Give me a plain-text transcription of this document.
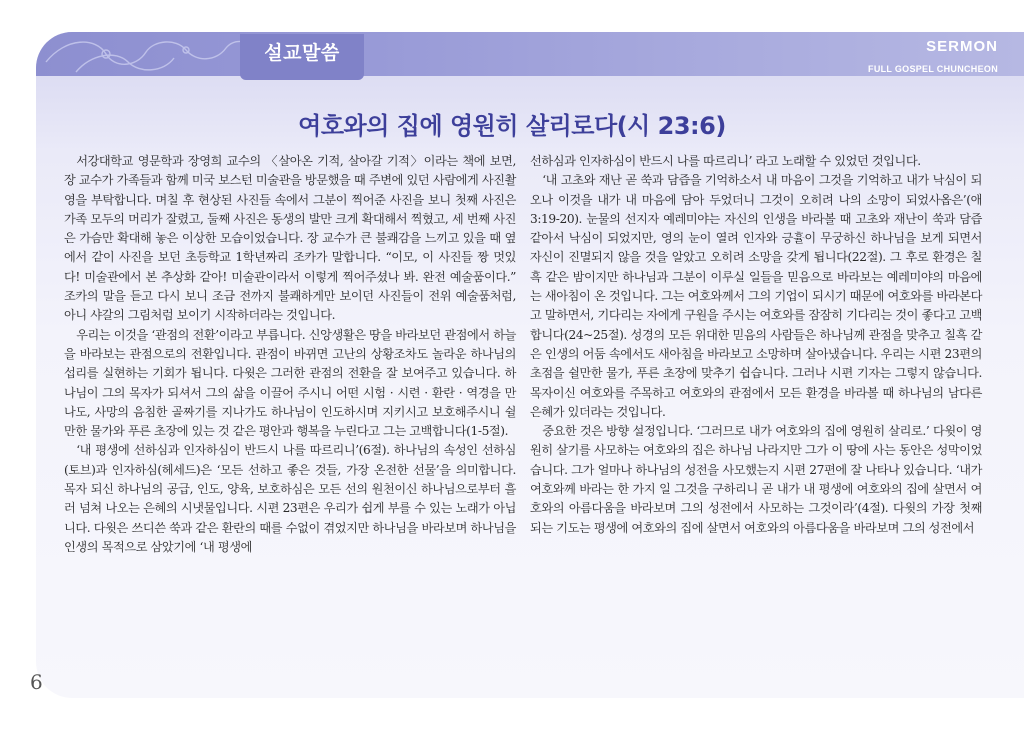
설교말씀	SERMON
FULL GOSPEL CHUNCHEON
여호와의 집에 영원히 살리로다(시 23:6)

서강대학교 영문학과 장영희 교수의 〈살아온 기적, 살아갈 기적〉이라는 책에 보면, 장 교수가 가족들과 함께 미국 보스턴 미술관을 방문했을 때 주변에 있던 사람에게 사진촬영을 부탁합니다. 며칠 후 현상된 사진들 속에서 그분이 찍어준 사진을 보니 첫째 사진은 가족 모두의 머리가 잘렸고, 둘째 사진은 동생의 발만 크게 확대해서 찍혔고, 세 번째 사진은 가슴만 확대해 놓은 이상한 모습이었습니다. 장 교수가 큰 불쾌감을 느끼고 있을 때 옆에서 같이 사진을 보던 초등학교 1학년짜리 조카가 말합니다. “이모, 이 사진들 짱 멋있다! 미술관에서 본 추상화 같아! 미술관이라서 이렇게 찍어주셨나 봐. 완전 예술품이다.” 조카의 말을 듣고 다시 보니 조금 전까지 불쾌하게만 보이던 사진들이 전위 예술품처럼, 아니 샤갈의 그림처럼 보이기 시작하더라는 것입니다.

우리는 이것을 ‘관점의 전환’이라고 부릅니다. 신앙생활은 땅을 바라보던 관점에서 하늘을 바라보는 관점으로의 전환입니다. 관점이 바뀌면 고난의 상황조차도 놀라운 하나님의 섭리를 실현하는 기회가 됩니다. 다윗은 그러한 관점의 전환을 잘 보여주고 있습니다. 하나님이 그의 목자가 되셔서 그의 삶을 이끌어 주시니 어떤 시험 · 시련 · 환란 · 역경을 만나도, 사망의 음침한 골짜기를 지나가도 하나님이 인도하시며 지키시고 보호해주시니 쉴만한 물가와 푸른 초장에 있는 것 같은 평안과 행복을 누린다고 그는 고백합니다(1-5절).

‘내 평생에 선하심과 인자하심이 반드시 나를 따르리니’(6절). 하나님의 속성인 선하심(토브)과 인자하심(헤세드)은 ‘모든 선하고 좋은 것들, 가장 온전한 선물’을 의미합니다. 목자 되신 하나님의 공급, 인도, 양육, 보호하심은 모든 선의 원천이신 하나님으로부터 흘러 넘쳐 나오는 은혜의 시냇물입니다. 시편 23편은 우리가 쉽게 부를 수 있는 노래가 아닙니다. 다윗은 쓰디쓴 쑥과 같은 환란의 때를 수없이 겪었지만 하나님을 바라보며 하나님을 인생의 목적으로 삼았기에 ‘내 평생에

선하심과 인자하심이 반드시 나를 따르리니’ 라고 노래할 수 있었던 것입니다.

‘내 고초와 재난 곧 쑥과 담즙을 기억하소서 내 마음이 그것을 기억하고 내가 낙심이 되오나 이것을 내가 내 마음에 담아 두었더니 그것이 오히려 나의 소망이 되었사옵은’(애 3:19-20). 눈물의 선지자 예레미야는 자신의 인생을 바라볼 때 고초와 재난이 쑥과 담즙 같아서 낙심이 되었지만, 영의 눈이 열려 인자와 긍휼이 무궁하신 하나님을 보게 되면서 자신이 진멸되지 않을 것을 알았고 오히려 소망을 갖게 됩니다(22절). 그 후로 환경은 칠흑 같은 밤이지만 하나님과 그분이 이루실 일들을 믿음으로 바라보는 예레미야의 마음에는 새아침이 온 것입니다. 그는 여호와께서 그의 기업이 되시기 때문에 여호와를 바라본다고 말하면서, 기다리는 자에게 구원을 주시는 여호와를 잠잠히 기다리는 것이 좋다고 고백합니다(24~25절). 성경의 모든 위대한 믿음의 사람들은 하나님께 관점을 맞추고 칠흑 같은 인생의 어둠 속에서도 새아침을 바라보고 소망하며 살아냈습니다. 우리는 시편 23편의 초점을 쉴만한 물가, 푸른 초장에 맞추기 쉽습니다. 그러나 시편 기자는 그렇지 않습니다. 목자이신 여호와를 주목하고 여호와의 관점에서 모든 환경을 바라볼 때 하나님의 남다른 은혜가 있더라는 것입니다.

중요한 것은 방향 설정입니다. ‘그러므로 내가 여호와의 집에 영원히 살리로.’ 다윗이 영원히 살기를 사모하는 여호와의 집은 하나님 나라지만 그가 이 땅에 사는 동안은 성막이었습니다. 그가 얼마나 하나님의 성전을 사모했는지 시편 27편에 잘 나타나 있습니다. ‘내가 여호와께 바라는 한 가지 일 그것을 구하리니 곧 내가 내 평생에 여호와의 집에 살면서 여호와의 아름다움을 바라보며 그의 성전에서 사모하는 그것이라’(4절). 다윗의 가장 첫째 되는 기도는 평생에 여호와의 집에 살면서 여호와의 아름다움을 바라보며 그의 성전에서

6
